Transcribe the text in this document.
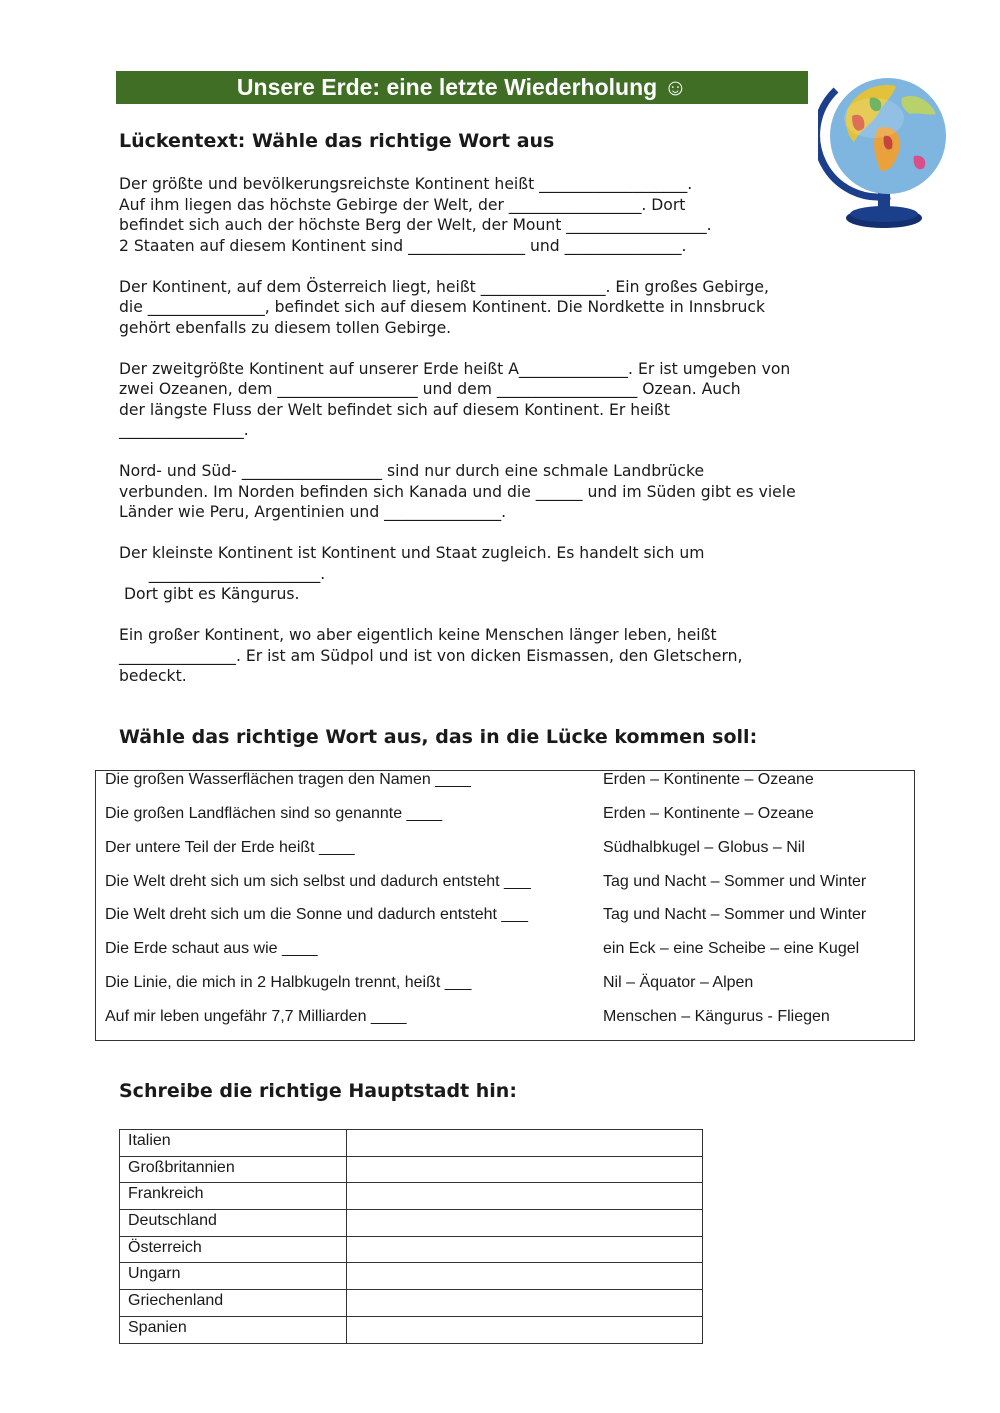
Unsere Erde: eine letzte Wiederholung ☺
Lückentext: Wähle das richtige Wort aus

Der größte und bevölkerungsreichste Kontinent heißt ___________________.
Auf ihm liegen das höchste Gebirge der Welt, der _________________. Dort
befindet sich auch der höchste Berg der Welt, der Mount __________________.
2 Staaten auf diesem Kontinent sind _______________ und _______________.

Der Kontinent, auf dem Österreich liegt, heißt ________________. Ein großes Gebirge,
die _______________, befindet sich auf diesem Kontinent. Die Nordkette in Innsbruck
gehört ebenfalls zu diesem tollen Gebirge.

Der zweitgrößte Kontinent auf unserer Erde heißt A______________. Er ist umgeben von
zwei Ozeanen, dem __________________ und dem __________________ Ozean. Auch
der längste Fluss der Welt befindet sich auf diesem Kontinent. Er heißt
________________.

Nord- und Süd- __________________ sind nur durch eine schmale Landbrücke
verbunden. Im Norden befinden sich Kanada und die ______ und im Süden gibt es viele
Länder wie Peru, Argentinien und _______________.

Der kleinste Kontinent ist Kontinent und Staat zugleich. Es handelt sich um
______________________.
Dort gibt es Kängurus.

Ein großer Kontinent, wo aber eigentlich keine Menschen länger leben, heißt
_______________. Er ist am Südpol und ist von dicken Eismassen, den Gletschern,
bedeckt.

Wähle das richtige Wort aus, das in die Lücke kommen soll:
Die großen Wasserflächen tragen den Namen ____	Erden – Kontinente – Ozeane
Die großen Landflächen sind so genannte ____	Erden – Kontinente – Ozeane
Der untere Teil der Erde heißt ____	Südhalbkugel – Globus – Nil
Die Welt dreht sich um sich selbst und dadurch entsteht ___	Tag und Nacht – Sommer und Winter
Die Welt dreht sich um die Sonne und dadurch entsteht ___	Tag und Nacht – Sommer und Winter
Die Erde schaut aus wie ____	ein Eck – eine Scheibe – eine Kugel
Die Linie, die mich in 2 Halbkugeln trennt, heißt ___	Nil – Äquator – Alpen
Auf mir leben ungefähr 7,7 Milliarden ____	Menschen – Kängurus - Fliegen
Schreibe die richtige Hauptstadt hin:
Italien	
Großbritannien	
Frankreich	
Deutschland	
Österreich	
Ungarn	
Griechenland	
Spanien	
